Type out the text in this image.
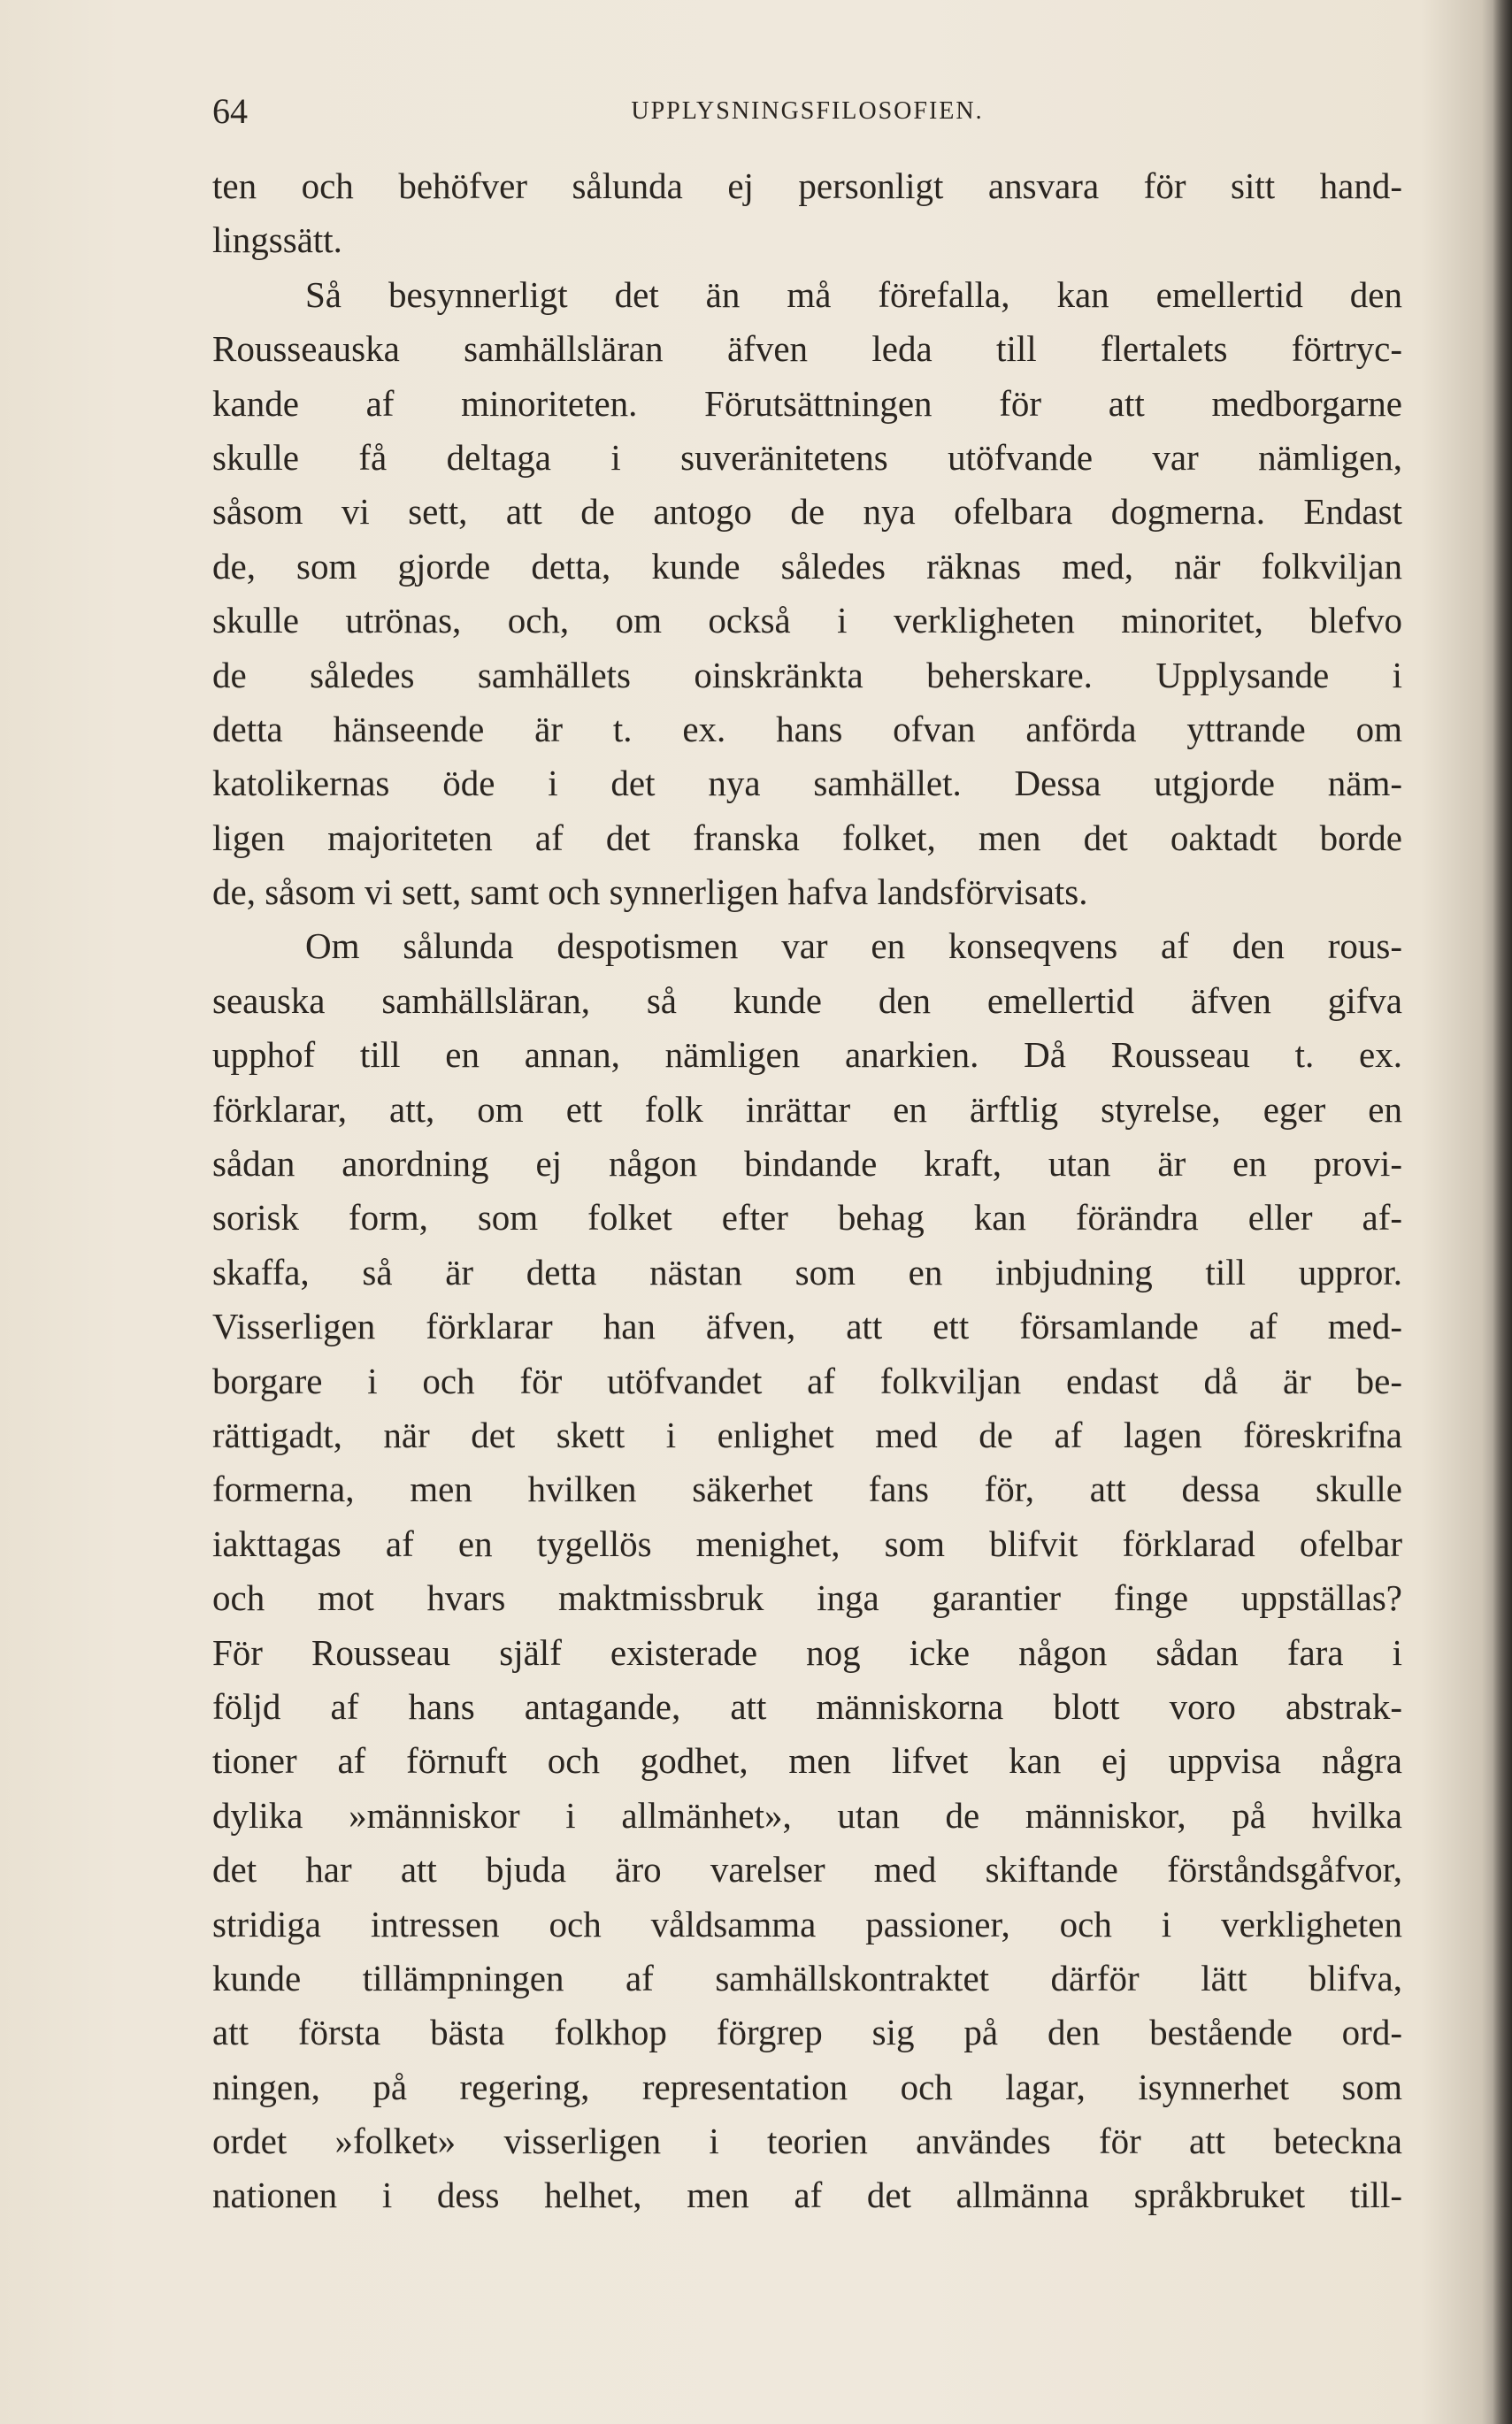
64	UPPLYSNINGSFILOSOFIEN.
ten och behöfver sålunda ej personligt ansvara för sitt hand-
lingssätt.
Så besynnerligt det än må förefalla, kan emellertid den
Rousseauska samhällsläran äfven leda till flertalets förtryc-
kande af minoriteten. Förutsättningen för att medborgarne
skulle få deltaga i suveränitetens utöfvande var nämligen,
såsom vi sett, att de antogo de nya ofelbara dogmerna. Endast
de, som gjorde detta, kunde således räknas med, när folkviljan
skulle utrönas, och, om också i verkligheten minoritet, blefvo
de således samhällets oinskränkta beherskare. Upplysande i
detta hänseende är t. ex. hans ofvan anförda yttrande om
katolikernas öde i det nya samhället. Dessa utgjorde näm-
ligen majoriteten af det franska folket, men det oaktadt borde
de, såsom vi sett, samt och synnerligen hafva landsförvisats.
Om sålunda despotismen var en konseqvens af den rous-
seauska samhällsläran, så kunde den emellertid äfven gifva
upphof till en annan, nämligen anarkien. Då Rousseau t. ex.
förklarar, att, om ett folk inrättar en ärftlig styrelse, eger en
sådan anordning ej någon bindande kraft, utan är en provi-
sorisk form, som folket efter behag kan förändra eller af-
skaffa, så är detta nästan som en inbjudning till uppror.
Visserligen förklarar han äfven, att ett församlande af med-
borgare i och för utöfvandet af folkviljan endast då är be-
rättigadt, när det skett i enlighet med de af lagen föreskrifna
formerna, men hvilken säkerhet fans för, att dessa skulle
iakttagas af en tygellös menighet, som blifvit förklarad ofelbar
och mot hvars maktmissbruk inga garantier finge uppställas?
För Rousseau själf existerade nog icke någon sådan fara i
följd af hans antagande, att människorna blott voro abstrak-
tioner af förnuft och godhet, men lifvet kan ej uppvisa några
dylika »människor i allmänhet», utan de människor, på hvilka
det har att bjuda äro varelser med skiftande förståndsgåfvor,
stridiga intressen och våldsamma passioner, och i verkligheten
kunde tillämpningen af samhällskontraktet därför lätt blifva,
att första bästa folkhop förgrep sig på den bestående ord-
ningen, på regering, representation och lagar, isynnerhet som
ordet »folket» visserligen i teorien användes för att beteckna
nationen i dess helhet, men af det allmänna språkbruket till-
